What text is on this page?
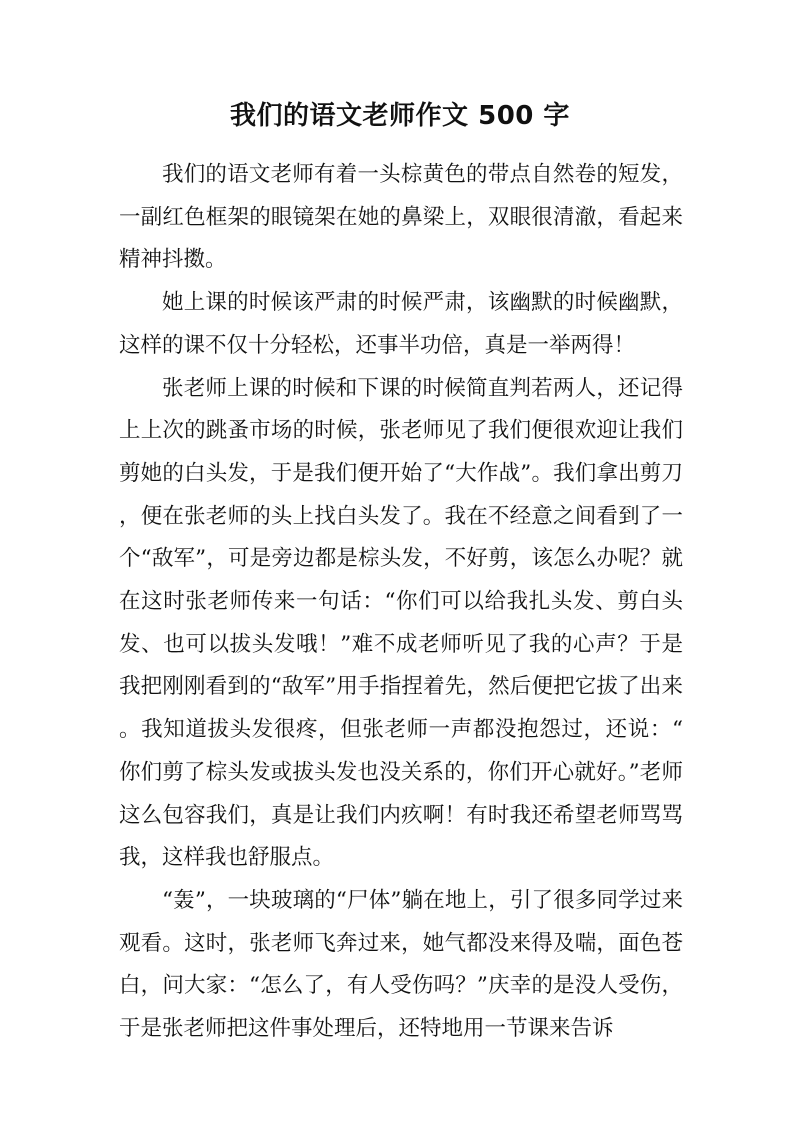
我们的语文老师作文 500 字

我们的语文老师有着一头棕黄色的带点自然卷的短发，一副红色框架的眼镜架在她的鼻梁上，双眼很清澈，看起来精神抖擞。

她上课的时候该严肃的时候严肃，该幽默的时候幽默，这样的课不仅十分轻松，还事半功倍，真是一举两得！

张老师上课的时候和下课的时候简直判若两人，还记得上上次的跳蚤市场的时候，张老师见了我们便很欢迎让我们剪她的白头发，于是我们便开始了“大作战”。我们拿出剪刀，便在张老师的头上找白头发了。我在不经意之间看到了一个“敌军”，可是旁边都是棕头发，不好剪，该怎么办呢？就在这时张老师传来一句话：“你们可以给我扎头发、剪白头发、也可以拔头发哦！”难不成老师听见了我的心声？于是我把刚刚看到的“敌军”用手指捏着先，然后便把它拔了出来。我知道拔头发很疼，但张老师一声都没抱怨过，还说：“你们剪了棕头发或拔头发也没关系的，你们开心就好。”老师这么包容我们，真是让我们内疚啊！有时我还希望老师骂骂我，这样我也舒服点。

“轰”，一块玻璃的“尸体”躺在地上，引了很多同学过来观看。这时，张老师飞奔过来，她气都没来得及喘，面色苍白，问大家：“怎么了，有人受伤吗？”庆幸的是没人受伤，于是张老师把这件事处理后，还特地用一节课来告诉
